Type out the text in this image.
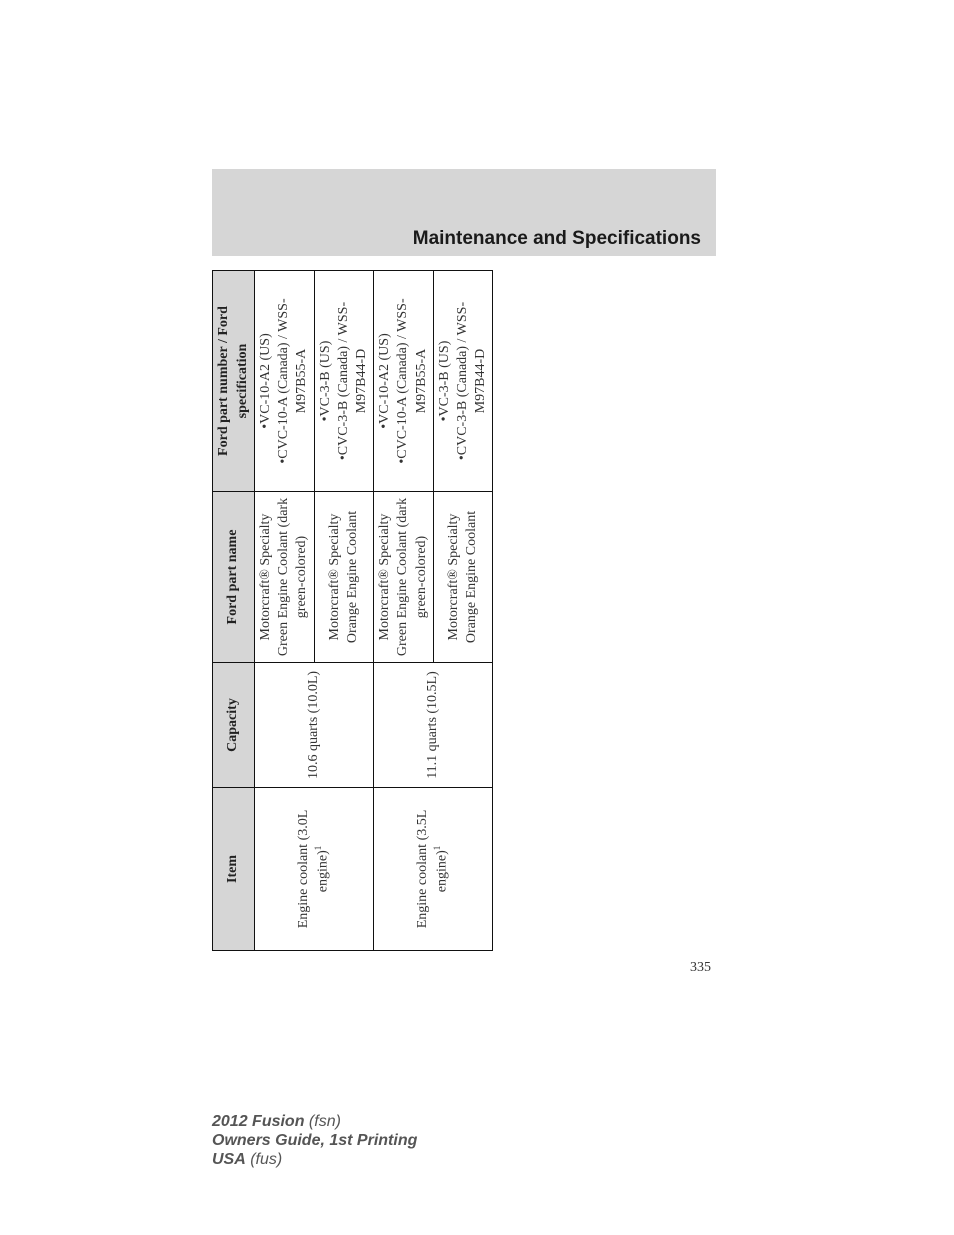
Maintenance and Specifications
Item	Capacity	Ford part name	Ford part number / Ford specification
Engine coolant (3.0L engine)$^1$	10.6 quarts (10.0L)	Motorcraft® Specialty Green Engine Coolant (dark green-colored)	•VC-10-A2 (US) •CVC-10-A (Canada) / WSS-M97B55-A

		Motorcraft® Specialty Orange Engine Coolant	•VC-3-B (US) •CVC-3-B (Canada) / WSS-M97B44-D

Engine coolant (3.5L engine)$^1$	11.1 quarts (10.5L)	Motorcraft® Specialty Green Engine Coolant (dark green-colored)	•VC-10-A2 (US) •CVC-10-A (Canada) / WSS-M97B55-A

		Motorcraft® Specialty Orange Engine Coolant	•VC-3-B (US) •CVC-3-B (Canada) / WSS-M97B44-D
335
2012 Fusion (fsn)
Owners Guide, 1st Printing
USA (fus)
